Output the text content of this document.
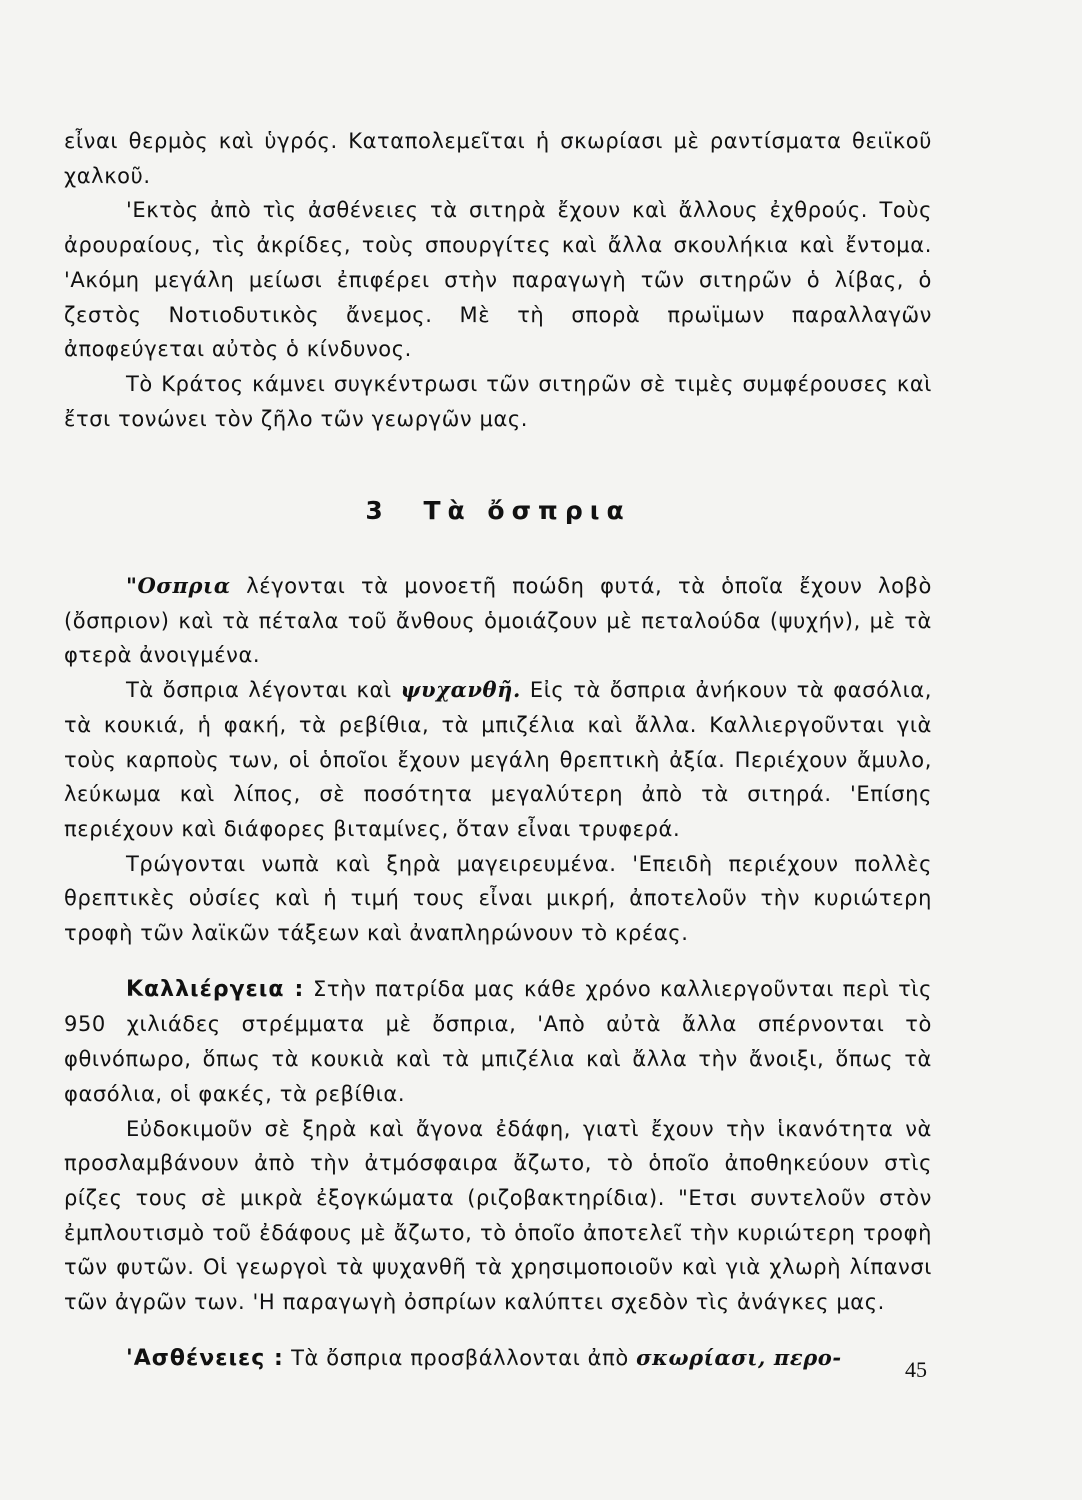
εἶναι θερμὸς καὶ ὑγρός. Καταπολεμεῖται ἡ σκωρίασι μὲ ραντίσματα θειϊκοῦ χαλκοῦ.

'Εκτὸς ἀπὸ τὶς ἀσθένειες τὰ σιτηρὰ ἔχουν καὶ ἄλλους ἐχθρούς. Τοὺς ἀρουραίους, τὶς ἀκρίδες, τοὺς σπουργίτες καὶ ἄλλα σκουλήκια καὶ ἔντομα. 'Ακόμη μεγάλη μείωσι ἐπιφέρει στὴν παραγωγὴ τῶν σιτηρῶν ὁ λίβας, ὁ ζεστὸς Νοτιοδυτικὸς ἄνεμος. Μὲ τὴ σπορὰ πρωϊμων παραλλαγῶν ἀποφεύγεται αὐτὸς ὁ κίνδυνος.

Τὸ Κράτος κάμνει συγκέντρωσι τῶν σιτηρῶν σὲ τιμὲς συμφέρουσες καὶ ἔτσι τονώνει τὸν ζῆλο τῶν γεωργῶν μας.

3 Τὰ ὄσπρια

"Οσπρια λέγονται τὰ μονοετῆ ποώδη φυτά, τὰ ὁποῖα ἔχουν λοβὸ (ὄσπριον) καὶ τὰ πέταλα τοῦ ἄνθους ὁμοιάζουν μὲ πεταλούδα (ψυχήν), μὲ τὰ φτερὰ ἀνοιγμένα.

Τὰ ὄσπρια λέγονται καὶ ψυχανθῆ. Εἰς τὰ ὄσπρια ἀνήκουν τὰ φασόλια, τὰ κουκιά, ἡ φακή, τὰ ρεβίθια, τὰ μπιζέλια καὶ ἄλλα. Καλλιεργοῦνται γιὰ τοὺς καρποὺς των, οἱ ὁποῖοι ἔχουν μεγάλη θρεπτικὴ ἀξία. Περιέχουν ἄμυλο, λεύκωμα καὶ λίπος, σὲ ποσότητα μεγαλύτερη ἀπὸ τὰ σιτηρά. 'Επίσης περιέχουν καὶ διάφορες βιταμίνες, ὅταν εἶναι τρυφερά.

Τρώγονται νωπὰ καὶ ξηρὰ μαγειρευμένα. 'Επειδὴ περιέχουν πολλὲς θρεπτικὲς οὐσίες καὶ ἡ τιμή τους εἶναι μικρή, ἀποτελοῦν τὴν κυριώτερη τροφὴ τῶν λαϊκῶν τάξεων καὶ ἀναπληρώνουν τὸ κρέας.

Καλλιέργεια : Στὴν πατρίδα μας κάθε χρόνο καλλιεργοῦνται περὶ τὶς 950 χιλιάδες στρέμματα μὲ ὄσπρια, 'Απὸ αὐτὰ ἄλλα σπέρνονται τὸ φθινόπωρο, ὅπως τὰ κουκιὰ καὶ τὰ μπιζέλια καὶ ἄλλα τὴν ἄνοιξι, ὅπως τὰ φασόλια, οἱ φακές, τὰ ρεβίθια.

Εὐδοκιμοῦν σὲ ξηρὰ καὶ ἄγονα ἐδάφη, γιατὶ ἔχουν τὴν ἱκανότητα νὰ προσλαμβάνουν ἀπὸ τὴν ἀτμόσφαιρα ἄζωτο, τὸ ὁποῖο ἀποθηκεύουν στὶς ρίζες τους σὲ μικρὰ ἐξογκώματα (ριζοβακτηρίδια). "Ετσι συντελοῦν στὸν ἐμπλουτισμὸ τοῦ ἐδάφους μὲ ἄζωτο, τὸ ὁποῖο ἀποτελεῖ τὴν κυριώτερη τροφὴ τῶν φυτῶν. Οἱ γεωργοὶ τὰ ψυχανθῆ τὰ χρησιμοποιοῦν καὶ γιὰ χλωρὴ λίπανσι τῶν ἀγρῶν των. 'Η παραγωγὴ ὀσπρίων καλύπτει σχεδὸν τὶς ἀνάγκες μας.

'Ασθένειες : Τὰ ὄσπρια προσβάλλονται ἀπὸ σκωρίασι, περο-	45
